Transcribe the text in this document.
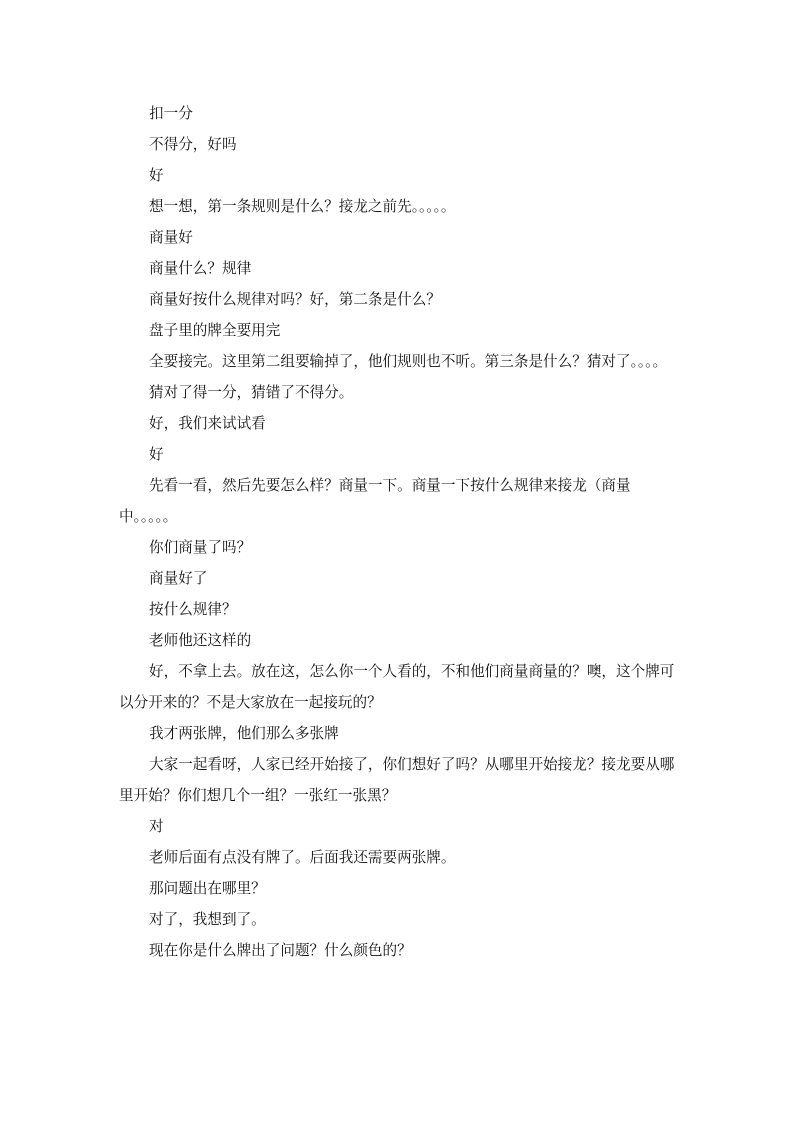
扣一分

不得分，好吗

好

想一想，第一条规则是什么？接龙之前先。。。。。

商量好

商量什么？规律

商量好按什么规律对吗？好，第二条是什么？

盘子里的牌全要用完

全要接完。这里第二组要输掉了，他们规则也不听。第三条是什么？猜对了。。。。

猜对了得一分，猜错了不得分。

好，我们来试试看

好

先看一看，然后先要怎么样？商量一下。商量一下按什么规律来接龙（商量中。。。。。

你们商量了吗？

商量好了

按什么规律？

老师他还这样的

好，不拿上去。放在这，怎么你一个人看的，不和他们商量商量的？噢，这个牌可以分开来的？不是大家放在一起接玩的？

我才两张牌，他们那么多张牌

大家一起看呀，人家已经开始接了，你们想好了吗？从哪里开始接龙？接龙要从哪里开始？你们想几个一组？一张红一张黑？

对

老师后面有点没有牌了。后面我还需要两张牌。

那问题出在哪里？

对了，我想到了。

现在你是什么牌出了问题？什么颜色的？
